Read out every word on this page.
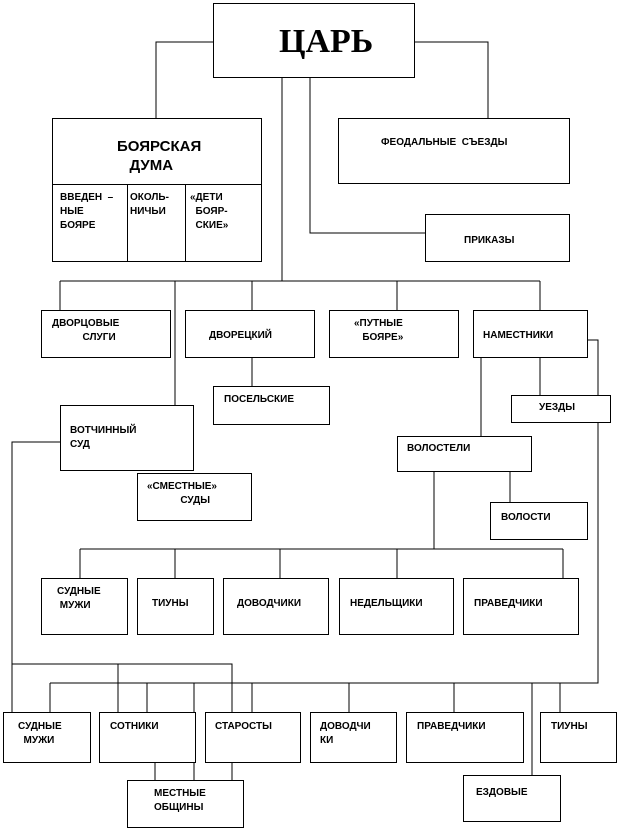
ЦАРЬ
БОЯРСКАЯ
ДУМА
ВВЕДЕН  –
НЫЕ
БОЯРЕ
ОКОЛЬ-
НИЧЬИ
«ДЕТИ
БОЯР-
СКИЕ»
ФЕОДАЛЬНЫЕ  СЪЕЗДЫ
ПРИКАЗЫ
ДВОРЦОВЫЕ
СЛУГИ	ДВОРЕЦКИЙ
«ПУТНЫЕ
БОЯРЕ»	НАМЕСТНИКИ
ПОСЕЛЬСКИЕ
УЕЗДЫ
ВОТЧИННЫЙ
СУД	ВОЛОСТЕЛИ
«СМЕСТНЫЕ»
СУДЫ
ВОЛОСТИ
СУДНЫЕ
МУЖИ	ТИУНЫ	ДОВОДЧИКИ	НЕДЕЛЬЩИКИ	ПРАВЕДЧИКИ
СУДНЫЕ
МУЖИ
СОТНИКИ	СТАРОСТЫ	ДОВОДЧИ
КИ
ПРАВЕДЧИКИ	ТИУНЫ
МЕСТНЫЕ
ОБЩИНЫ
ЕЗДОВЫЕ
